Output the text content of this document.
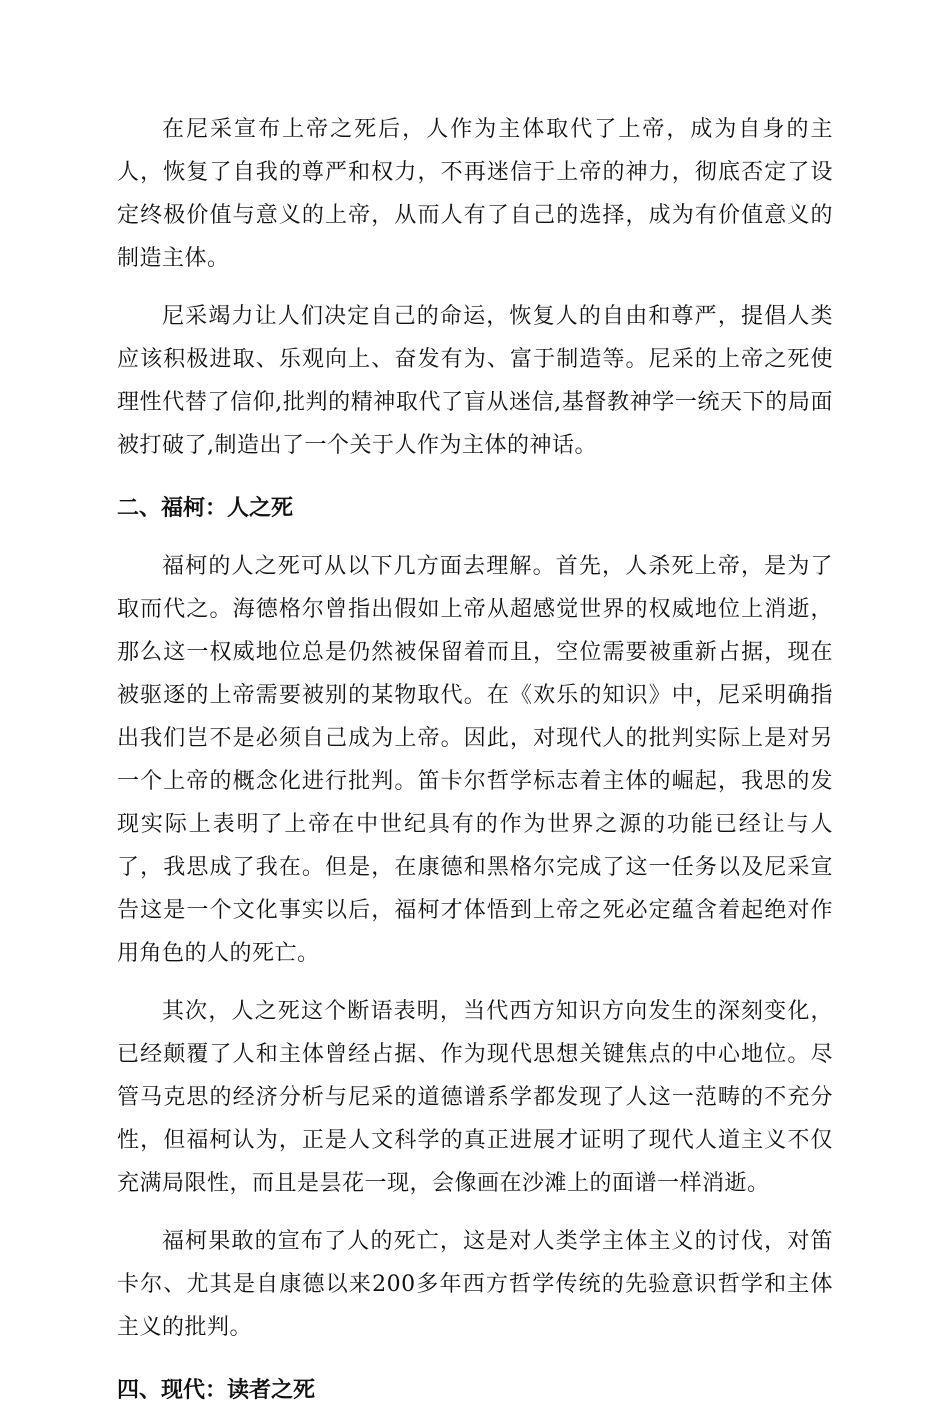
在尼采宣布上帝之死后，人作为主体取代了上帝，成为自身的主人，恢复了自我的尊严和权力，不再迷信于上帝的神力，彻底否定了设定终极价值与意义的上帝，从而人有了自己的选择，成为有价值意义的制造主体。

尼采竭力让人们决定自己的命运，恢复人的自由和尊严，提倡人类应该积极进取、乐观向上、奋发有为、富于制造等。尼采的上帝之死使理性代替了信仰,批判的精神取代了盲从迷信,基督教神学一统天下的局面被打破了,制造出了一个关于人作为主体的神话。

二、福柯：人之死

福柯的人之死可从以下几方面去理解。首先，人杀死上帝，是为了取而代之。海德格尔曾指出假如上帝从超感觉世界的权威地位上消逝，那么这一权威地位总是仍然被保留着而且，空位需要被重新占据，现在被驱逐的上帝需要被别的某物取代。在《欢乐的知识》中，尼采明确指出我们岂不是必须自己成为上帝。因此，对现代人的批判实际上是对另一个上帝的概念化进行批判。笛卡尔哲学标志着主体的崛起，我思的发现实际上表明了上帝在中世纪具有的作为世界之源的功能已经让与人了，我思成了我在。但是，在康德和黑格尔完成了这一任务以及尼采宣告这是一个文化事实以后，福柯才体悟到上帝之死必定蕴含着起绝对作用角色的人的死亡。

其次，人之死这个断语表明，当代西方知识方向发生的深刻变化，已经颠覆了人和主体曾经占据、作为现代思想关键焦点的中心地位。尽管马克思的经济分析与尼采的道德谱系学都发现了人这一范畴的不充分性，但福柯认为，正是人文科学的真正进展才证明了现代人道主义不仅充满局限性，而且是昙花一现，会像画在沙滩上的面谱一样消逝。

福柯果敢的宣布了人的死亡，这是对人类学主体主义的讨伐，对笛卡尔、尤其是自康德以来200多年西方哲学传统的先验意识哲学和主体主义的批判。

四、现代：读者之死
